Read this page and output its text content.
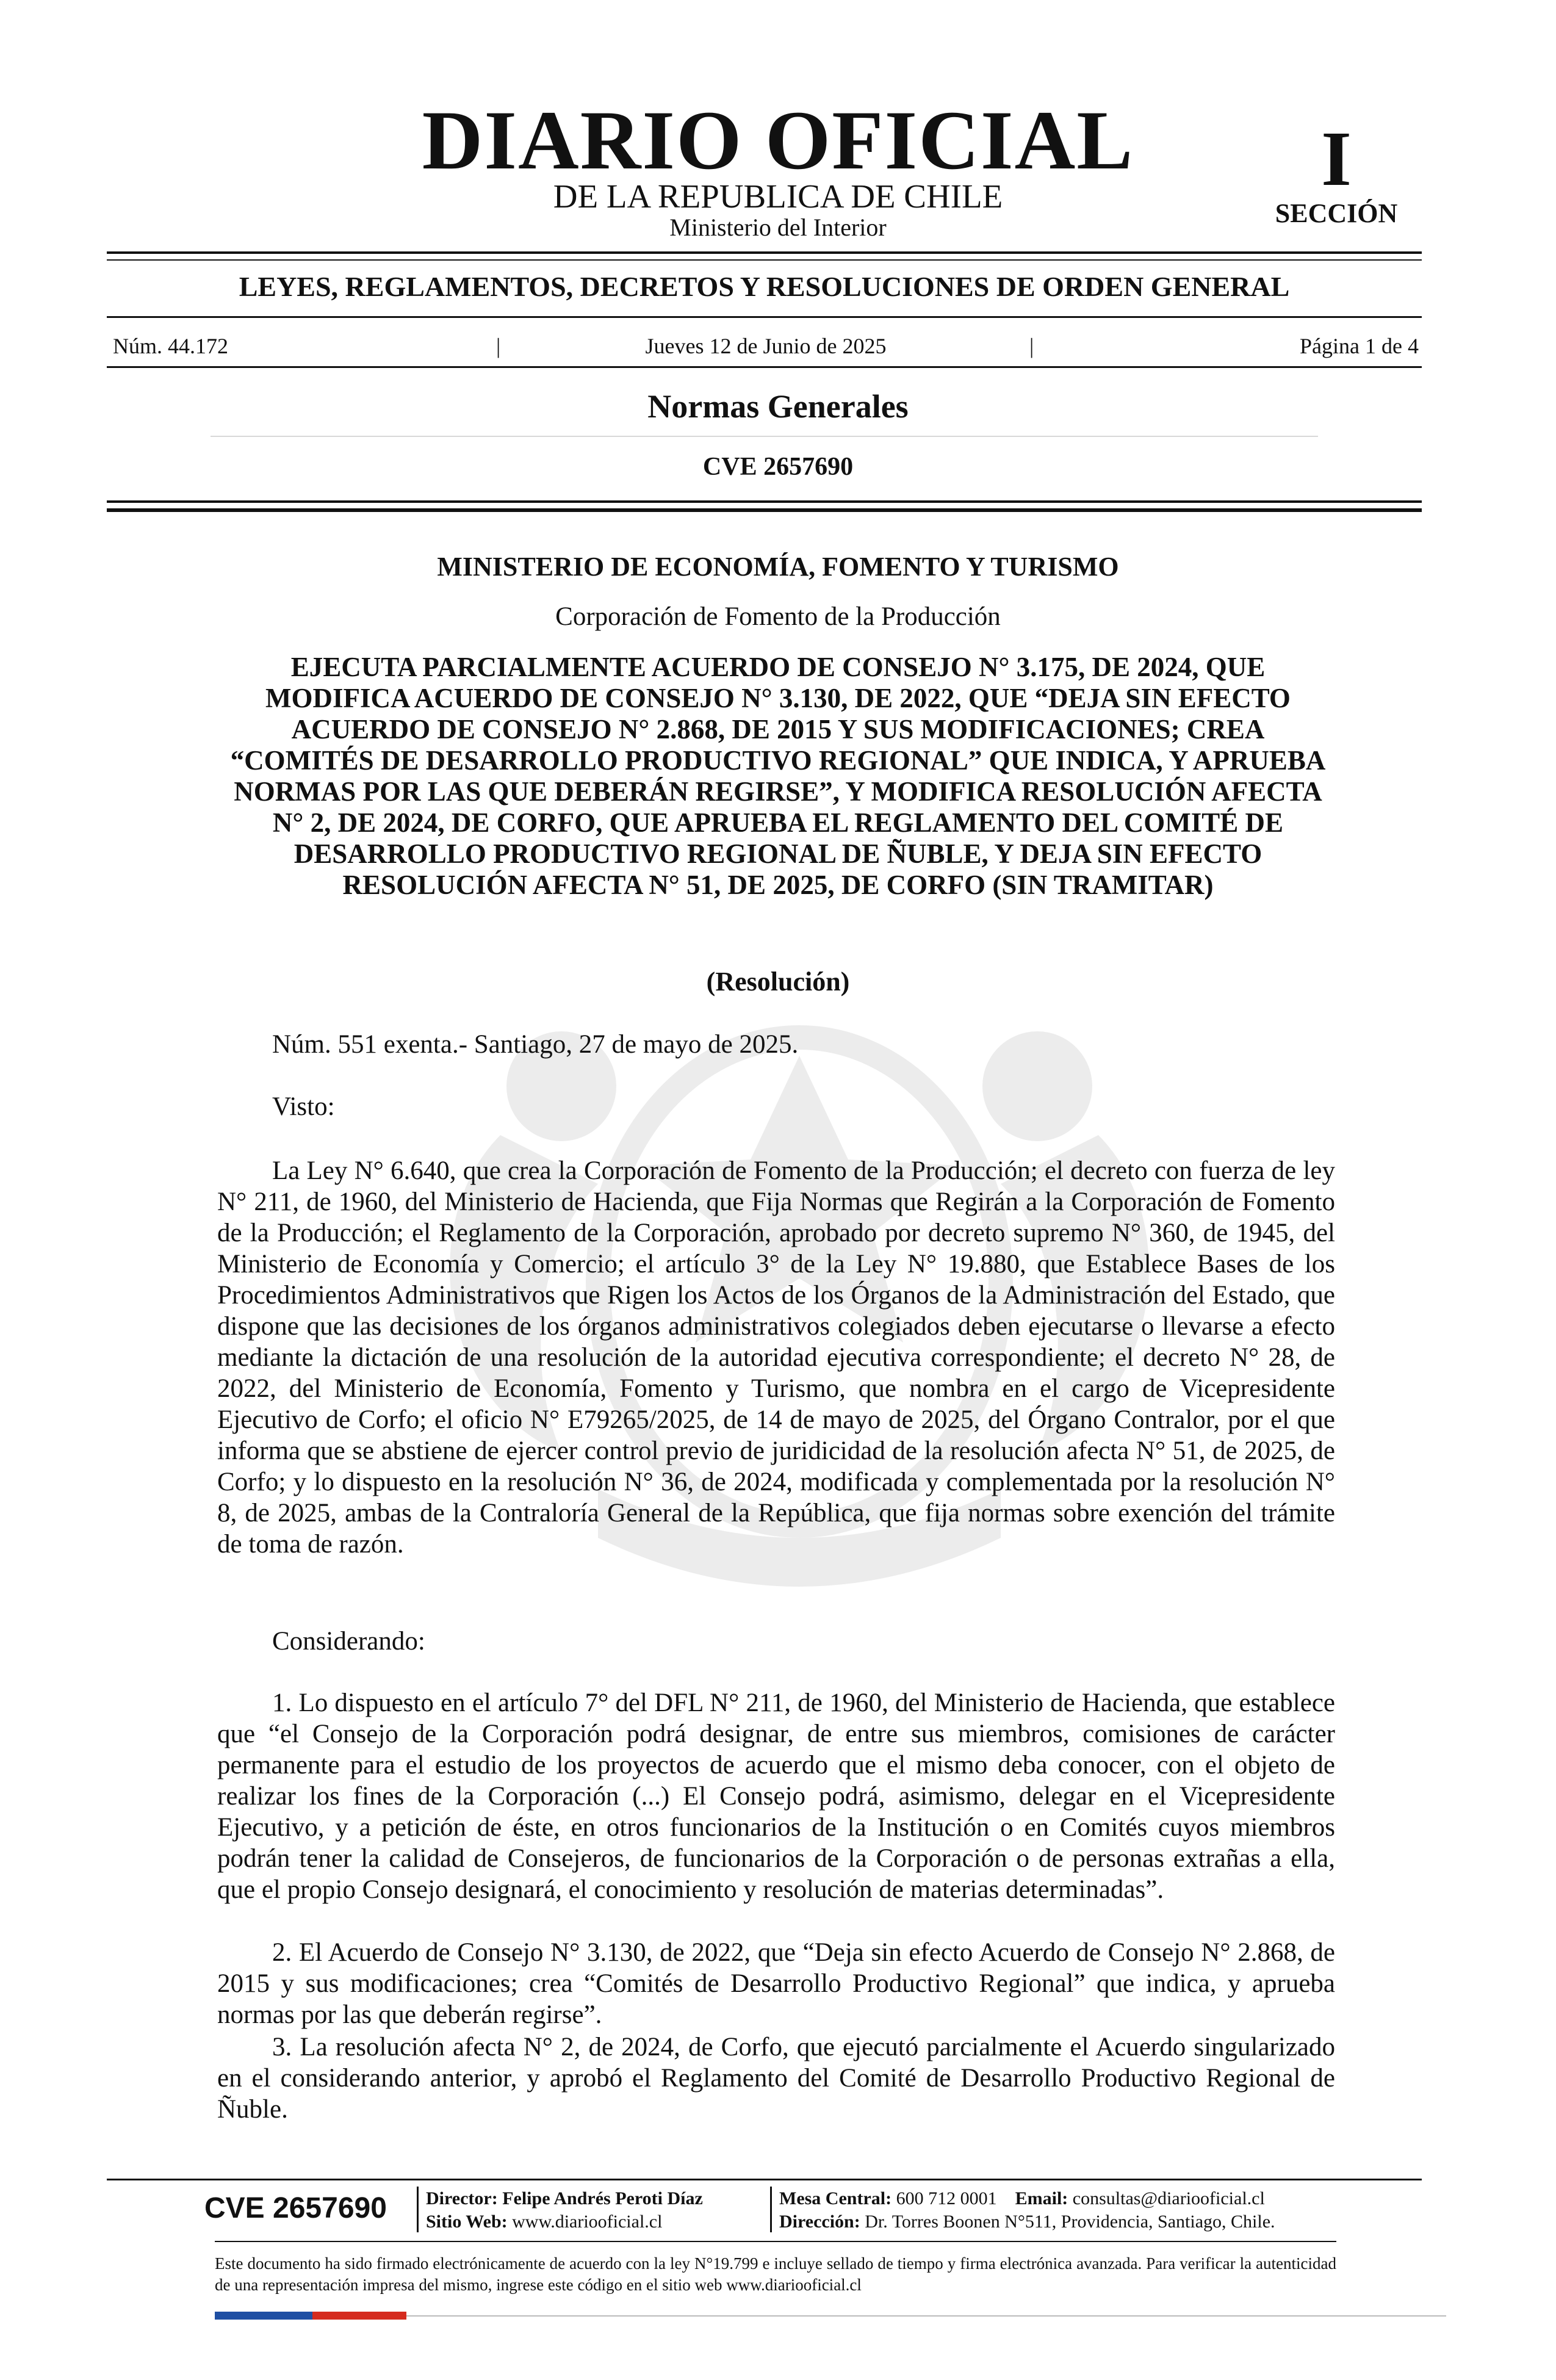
DIARIO OFICIAL
DE LA REPUBLICA DE CHILE
Ministerio del Interior
I
SECCIÓN
LEYES, REGLAMENTOS, DECRETOS Y RESOLUCIONES DE ORDEN GENERAL
Núm. 44.172	|	Jueves 12 de Junio de 2025	|	Página 1 de 4
Normas Generales
CVE 2657690
MINISTERIO DE ECONOMÍA, FOMENTO Y TURISMO
Corporación de Fomento de la Producción
EJECUTA PARCIALMENTE ACUERDO DE CONSEJO N° 3.175, DE 2024, QUE MODIFICA ACUERDO DE CONSEJO N° 3.130, DE 2022, QUE “DEJA SIN EFECTO ACUERDO DE CONSEJO N° 2.868, DE 2015 Y SUS MODIFICACIONES; CREA “COMITÉS DE DESARROLLO PRODUCTIVO REGIONAL” QUE INDICA, Y APRUEBA NORMAS POR LAS QUE DEBERÁN REGIRSE”, Y MODIFICA RESOLUCIÓN AFECTA N° 2, DE 2024, DE CORFO, QUE APRUEBA EL REGLAMENTO DEL COMITÉ DE DESARROLLO PRODUCTIVO REGIONAL DE ÑUBLE, Y DEJA SIN EFECTO RESOLUCIÓN AFECTA N° 51, DE 2025, DE CORFO (SIN TRAMITAR)
(Resolución)
Núm. 551 exenta.- Santiago, 27 de mayo de 2025.
Visto:
La Ley N° 6.640, que crea la Corporación de Fomento de la Producción; el decreto con fuerza de ley N° 211, de 1960, del Ministerio de Hacienda, que Fija Normas que Regirán a la Corporación de Fomento de la Producción; el Reglamento de la Corporación, aprobado por decreto supremo N° 360, de 1945, del Ministerio de Economía y Comercio; el artículo 3° de la Ley N° 19.880, que Establece Bases de los Procedimientos Administrativos que Rigen los Actos de los Órganos de la Administración del Estado, que dispone que las decisiones de los órganos administrativos colegiados deben ejecutarse o llevarse a efecto mediante la dictación de una resolución de la autoridad ejecutiva correspondiente; el decreto N° 28, de 2022, del Ministerio de Economía, Fomento y Turismo, que nombra en el cargo de Vicepresidente Ejecutivo de Corfo; el oficio N° E79265/2025, de 14 de mayo de 2025, del Órgano Contralor, por el que informa que se abstiene de ejercer control previo de juridicidad de la resolución afecta N° 51, de 2025, de Corfo; y lo dispuesto en la resolución N° 36, de 2024, modificada y complementada por la resolución N° 8, de 2025, ambas de la Contraloría General de la República, que fija normas sobre exención del trámite de toma de razón.
Considerando:
1. Lo dispuesto en el artículo 7° del DFL N° 211, de 1960, del Ministerio de Hacienda, que establece que “el Consejo de la Corporación podrá designar, de entre sus miembros, comisiones de carácter permanente para el estudio de los proyectos de acuerdo que el mismo deba conocer, con el objeto de realizar los fines de la Corporación (...) El Consejo podrá, asimismo, delegar en el Vicepresidente Ejecutivo, y a petición de éste, en otros funcionarios de la Institución o en Comités cuyos miembros podrán tener la calidad de Consejeros, de funcionarios de la Corporación o de personas extrañas a ella, que el propio Consejo designará, el conocimiento y resolución de materias determinadas”.
2. El Acuerdo de Consejo N° 3.130, de 2022, que “Deja sin efecto Acuerdo de Consejo N° 2.868, de 2015 y sus modificaciones; crea “Comités de Desarrollo Productivo Regional” que indica, y aprueba normas por las que deberán regirse”.
3. La resolución afecta N° 2, de 2024, de Corfo, que ejecutó parcialmente el Acuerdo singularizado en el considerando anterior, y aprobó el Reglamento del Comité de Desarrollo Productivo Regional de Ñuble.
CVE 2657690	Director: Felipe Andrés Peroti Díaz
Sitio Web: www.diariooficial.cl
Mesa Central: 600 712 0001 Email: consultas@diariooficial.cl
Dirección: Dr. Torres Boonen N°511, Providencia, Santiago, Chile.
Este documento ha sido firmado electrónicamente de acuerdo con la ley N°19.799 e incluye sellado de tiempo y firma electrónica avanzada. Para verificar la autenticidad de una representación impresa del mismo, ingrese este código en el sitio web www.diariooficial.cl
